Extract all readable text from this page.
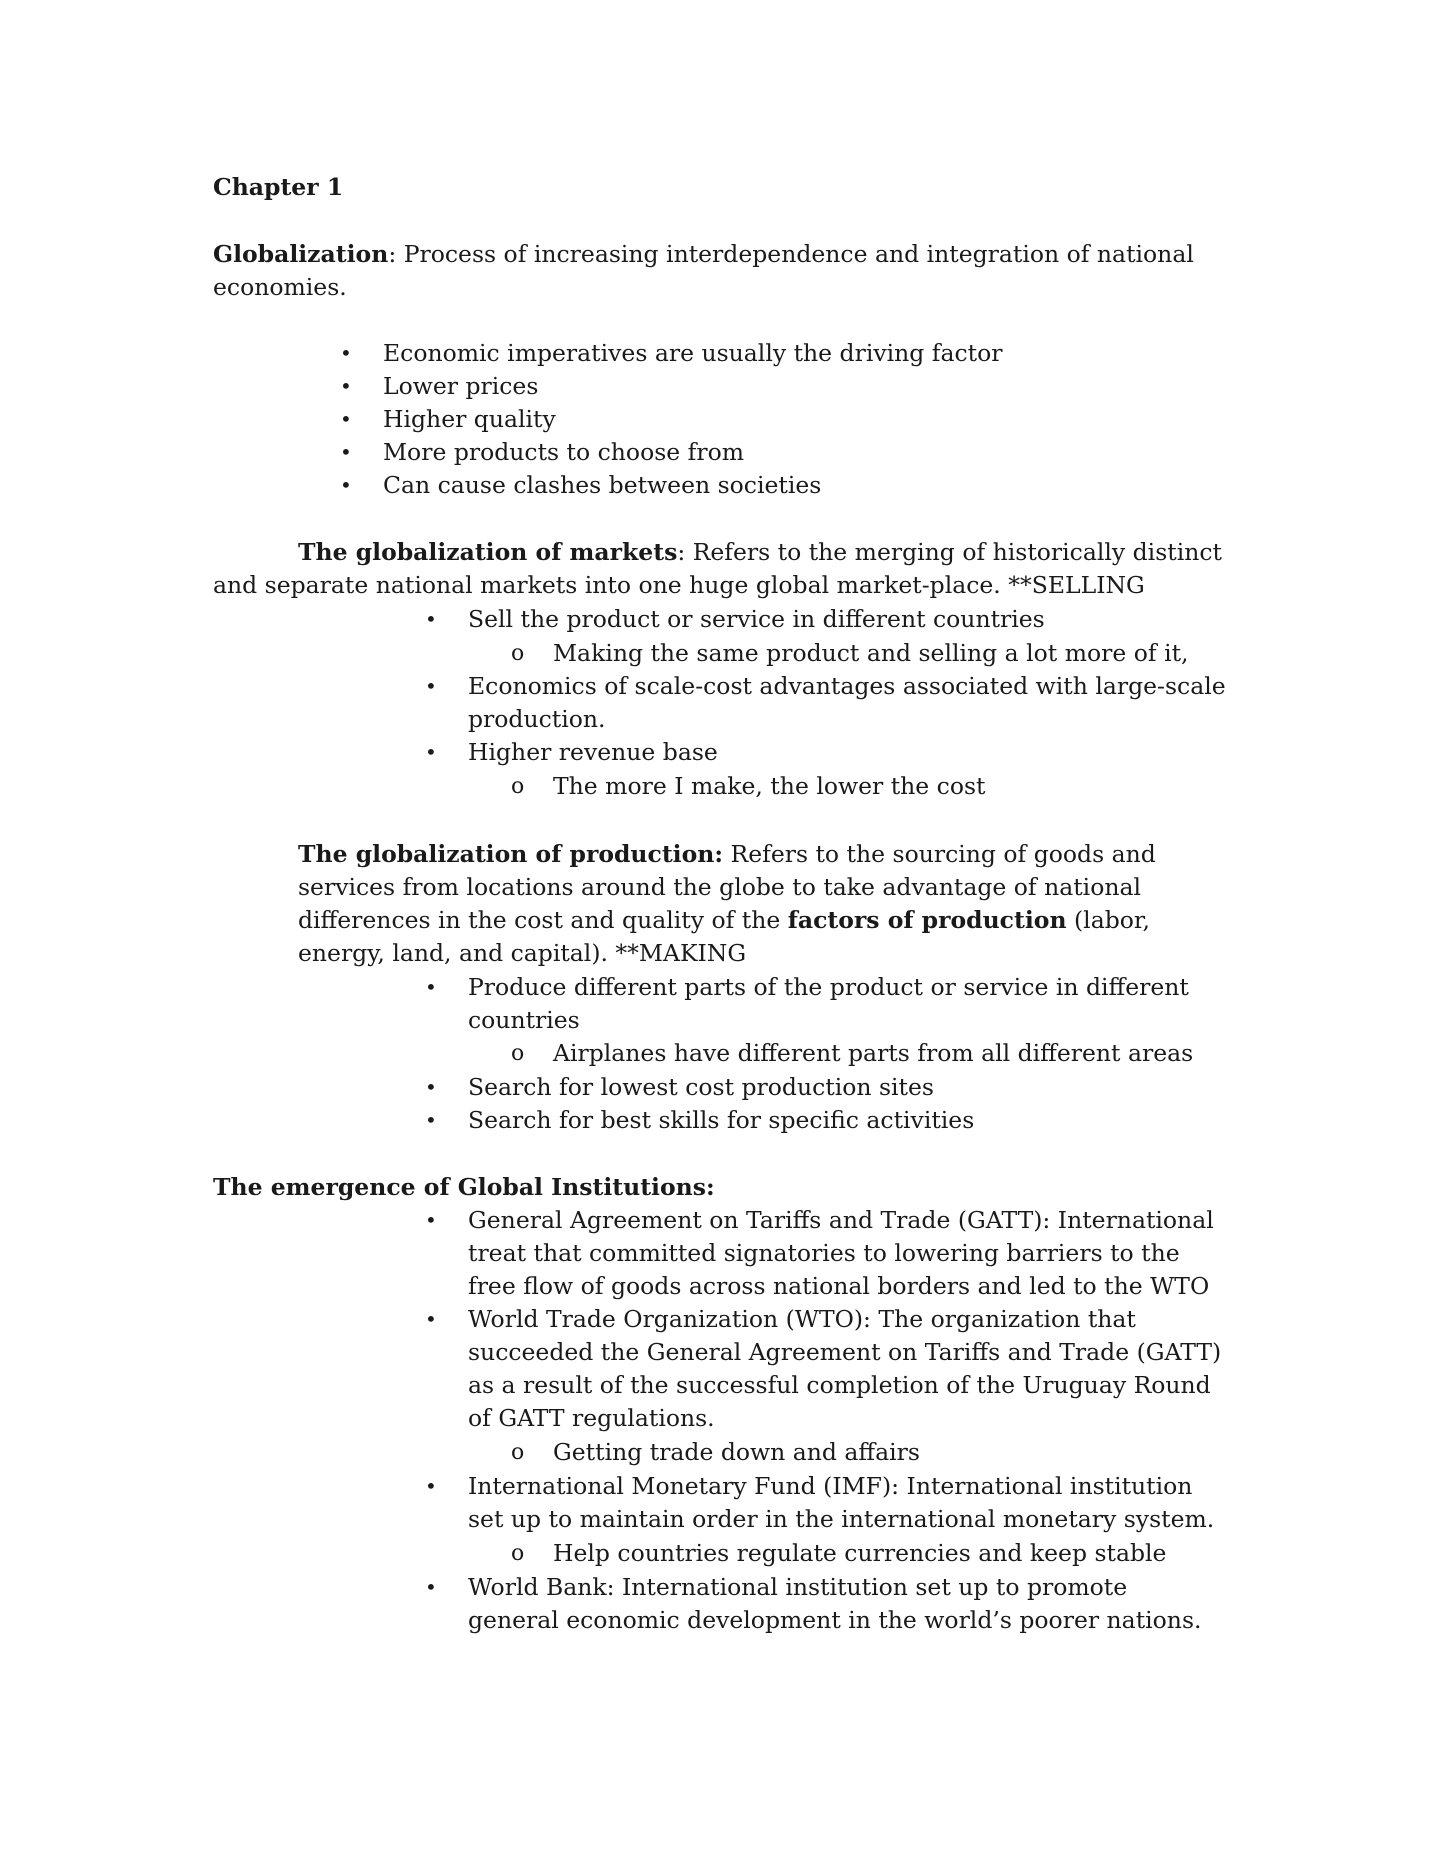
Chapter 1
Globalization: Process of increasing interdependence and integration of national
economies.
• Economic imperatives are usually the driving factor
• Lower prices
• Higher quality
• More products to choose from
• Can cause clashes between societies
The globalization of markets: Refers to the merging of historically distinct
and separate national markets into one huge global market-place. **SELLING
• Sell the product or service in different countries
o Making the same product and selling a lot more of it,
• Economics of scale-cost advantages associated with large-scale
production.
• Higher revenue base
o The more I make, the lower the cost
The globalization of production: Refers to the sourcing of goods and
services from locations around the globe to take advantage of national
differences in the cost and quality of the factors of production (labor,
energy, land, and capital). **MAKING
• Produce different parts of the product or service in different
countries
o Airplanes have different parts from all different areas
• Search for lowest cost production sites
• Search for best skills for specific activities
The emergence of Global Institutions:
• General Agreement on Tariffs and Trade (GATT): International
treat that committed signatories to lowering barriers to the
free flow of goods across national borders and led to the WTO
• World Trade Organization (WTO): The organization that
succeeded the General Agreement on Tariffs and Trade (GATT)
as a result of the successful completion of the Uruguay Round
of GATT regulations.
o Getting trade down and affairs
• International Monetary Fund (IMF): International institution
set up to maintain order in the international monetary system.
o Help countries regulate currencies and keep stable
• World Bank: International institution set up to promote
general economic development in the world’s poorer nations.
